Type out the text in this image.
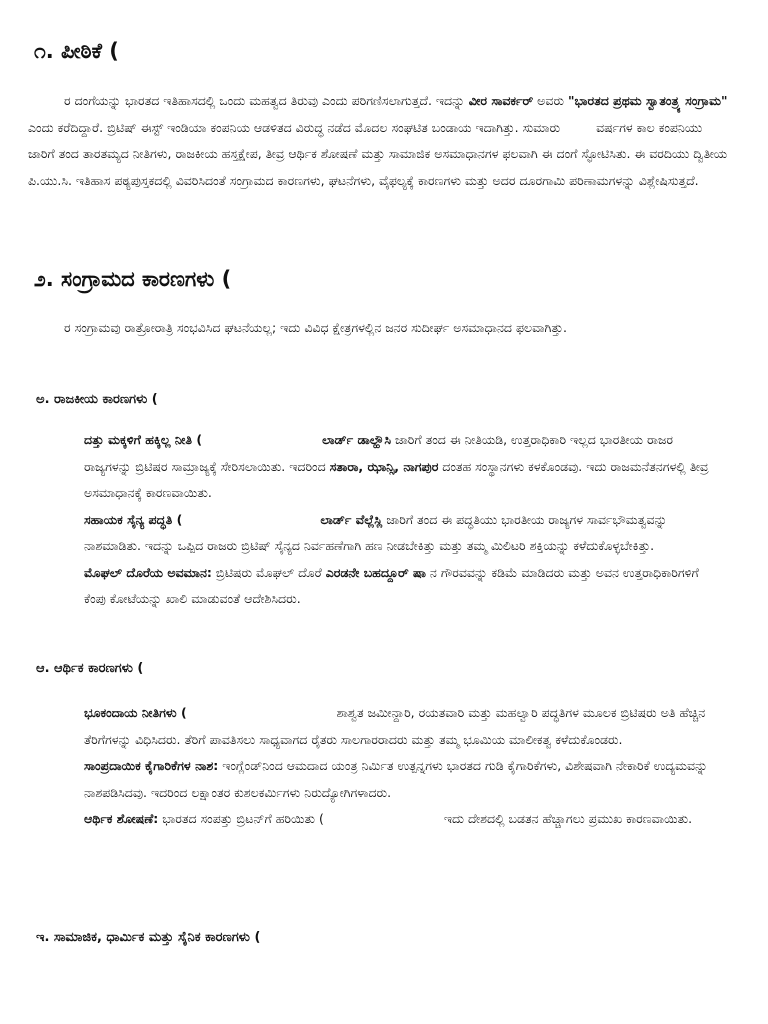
೧. ಪೀಠಿಕೆ (
ರ ದಂಗೆಯನ್ನು ಭಾರತದ ಇತಿಹಾಸದಲ್ಲಿ ಒಂದು ಮಹತ್ವದ ತಿರುವು ಎಂದು ಪರಿಗಣಿಸಲಾಗುತ್ತದೆ. ಇದನ್ನು ವೀರ ಸಾವರ್ಕರ್ ಅವರು "ಭಾರತದ ಪ್ರಥಮ ಸ್ವಾತಂತ್ರ್ಯ ಸಂಗ್ರಾಮ" ಎಂದು ಕರೆದಿದ್ದಾರೆ. ಬ್ರಿಟಿಷ್ ಈಸ್ಟ್ ಇಂಡಿಯಾ ಕಂಪನಿಯ ಆಡಳಿತದ ವಿರುದ್ಧ ನಡೆದ ಮೊದಲ ಸಂಘಟಿತ ಬಂಡಾಯ ಇದಾಗಿತ್ತು. ಸುಮಾರು	ವರ್ಷಗಳ ಕಾಲ ಕಂಪನಿಯು ಜಾರಿಗೆ ತಂದ ತಾರತಮ್ಯದ ನೀತಿಗಳು, ರಾಜಕೀಯ ಹಸ್ತಕ್ಷೇಪ, ತೀವ್ರ ಆರ್ಥಿಕ ಶೋಷಣೆ ಮತ್ತು ಸಾಮಾಜಿಕ ಅಸಮಾಧಾನಗಳ ಫಲವಾಗಿ ಈ ದಂಗೆ ಸ್ಫೋಟಿಸಿತು. ಈ ವರದಿಯು ದ್ವಿತೀಯ ಪಿ.ಯು.ಸಿ. ಇತಿಹಾಸ ಪಠ್ಯಪುಸ್ತಕದಲ್ಲಿ ವಿವರಿಸಿದಂತೆ ಸಂಗ್ರಾಮದ ಕಾರಣಗಳು, ಘಟನೆಗಳು, ವೈಫಲ್ಯಕ್ಕೆ ಕಾರಣಗಳು ಮತ್ತು ಅದರ ದೂರಗಾಮಿ ಪರಿಣಾಮಗಳನ್ನು ವಿಶ್ಲೇಷಿಸುತ್ತದೆ.
೨. ಸಂಗ್ರಾಮದ ಕಾರಣಗಳು (
ರ ಸಂಗ್ರಾಮವು ರಾತ್ರೋರಾತ್ರಿ ಸಂಭವಿಸಿದ ಘಟನೆಯಲ್ಲ; ಇದು ವಿವಿಧ ಕ್ಷೇತ್ರಗಳಲ್ಲಿನ ಜನರ ಸುದೀರ್ಘ ಅಸಮಾಧಾನದ ಫಲವಾಗಿತ್ತು.
ಅ. ರಾಜಕೀಯ ಕಾರಣಗಳು (

ದತ್ತು ಮಕ್ಕಳಿಗೆ ಹಕ್ಕಿಲ್ಲ ನೀತಿ (	ಲಾರ್ಡ್ ಡಾಲ್ಹೌಸಿ ಜಾರಿಗೆ ತಂದ ಈ ನೀತಿಯಡಿ, ಉತ್ತರಾಧಿಕಾರಿ ಇಲ್ಲದ ಭಾರತೀಯ ರಾಜರ ರಾಜ್ಯಗಳನ್ನು ಬ್ರಿಟಿಷರ ಸಾಮ್ರಾಜ್ಯಕ್ಕೆ ಸೇರಿಸಲಾಯಿತು. ಇದರಿಂದ ಸತಾರಾ, ಝಾನ್ಸಿ, ನಾಗಪುರ ದಂತಹ ಸಂಸ್ಥಾನಗಳು ಕಳಕೊಂಡವು. ಇದು ರಾಜಮನೆತನಗಳಲ್ಲಿ ತೀವ್ರ ಅಸಮಾಧಾನಕ್ಕೆ ಕಾರಣವಾಯಿತು.

ಸಹಾಯಕ ಸೈನ್ಯ ಪದ್ಧತಿ (	ಲಾರ್ಡ್ ವೆಲ್ಲೆಸ್ಲಿ ಜಾರಿಗೆ ತಂದ ಈ ಪದ್ಧತಿಯು ಭಾರತೀಯ ರಾಜ್ಯಗಳ ಸಾರ್ವಭೌಮತ್ವವನ್ನು ನಾಶಮಾಡಿತು. ಇದನ್ನು ಒಪ್ಪಿದ ರಾಜರು ಬ್ರಿಟಿಷ್ ಸೈನ್ಯದ ನಿರ್ವಹಣೆಗಾಗಿ ಹಣ ನೀಡಬೇಕಿತ್ತು ಮತ್ತು ತಮ್ಮ ಮಿಲಿಟರಿ ಶಕ್ತಿಯನ್ನು ಕಳೆದುಕೊಳ್ಳಬೇಕಿತ್ತು.

ಮೊಘಲ್ ದೊರೆಯ ಅವಮಾನ: ಬ್ರಿಟಿಷರು ಮೊಘಲ್ ದೊರೆ ಎರಡನೇ ಬಹದ್ದೂರ್ ಷಾ ನ ಗೌರವವನ್ನು ಕಡಿಮೆ ಮಾಡಿದರು ಮತ್ತು ಅವನ ಉತ್ತರಾಧಿಕಾರಿಗಳಿಗೆ ಕೆಂಪು ಕೋಟೆಯನ್ನು ಖಾಲಿ ಮಾಡುವಂತೆ ಆದೇಶಿಸಿದರು.

ಆ. ಆರ್ಥಿಕ ಕಾರಣಗಳು (

ಭೂಕಂದಾಯ ನೀತಿಗಳು (	ಶಾಶ್ವತ ಜಮೀನ್ದಾರಿ, ರಯತವಾರಿ ಮತ್ತು ಮಹಲ್ವಾರಿ ಪದ್ಧತಿಗಳ ಮೂಲಕ ಬ್ರಿಟಿಷರು ಅತಿ ಹೆಚ್ಚಿನ ತೆರಿಗೆಗಳನ್ನು ವಿಧಿಸಿದರು. ತೆರಿಗೆ ಪಾವತಿಸಲು ಸಾಧ್ಯವಾಗದ ರೈತರು ಸಾಲಗಾರರಾದರು ಮತ್ತು ತಮ್ಮ ಭೂಮಿಯ ಮಾಲೀಕತ್ವ ಕಳೆದುಕೊಂಡರು.

ಸಾಂಪ್ರದಾಯಿಕ ಕೈಗಾರಿಕೆಗಳ ನಾಶ: ಇಂಗ್ಲೆಂಡ್‌ನಿಂದ ಆಮದಾದ ಯಂತ್ರ ನಿರ್ಮಿತ ಉತ್ಪನ್ನಗಳು ಭಾರತದ ಗುಡಿ ಕೈಗಾರಿಕೆಗಳು, ವಿಶೇಷವಾಗಿ ನೇಕಾರಿಕೆ ಉದ್ಯಮವನ್ನು ನಾಶಪಡಿಸಿದವು. ಇದರಿಂದ ಲಕ್ಷಾಂತರ ಕುಶಲಕರ್ಮಿಗಳು ನಿರುದ್ಯೋಗಿಗಳಾದರು.

ಆರ್ಥಿಕ ಶೋಷಣೆ: ಭಾರತದ ಸಂಪತ್ತು ಬ್ರಿಟನ್‌ಗೆ ಹರಿಯಿತು (	ಇದು ದೇಶದಲ್ಲಿ ಬಡತನ ಹೆಚ್ಚಾಗಲು ಪ್ರಮುಖ ಕಾರಣವಾಯಿತು.

ಇ. ಸಾಮಾಜಿಕ, ಧಾರ್ಮಿಕ ಮತ್ತು ಸೈನಿಕ ಕಾರಣಗಳು (
